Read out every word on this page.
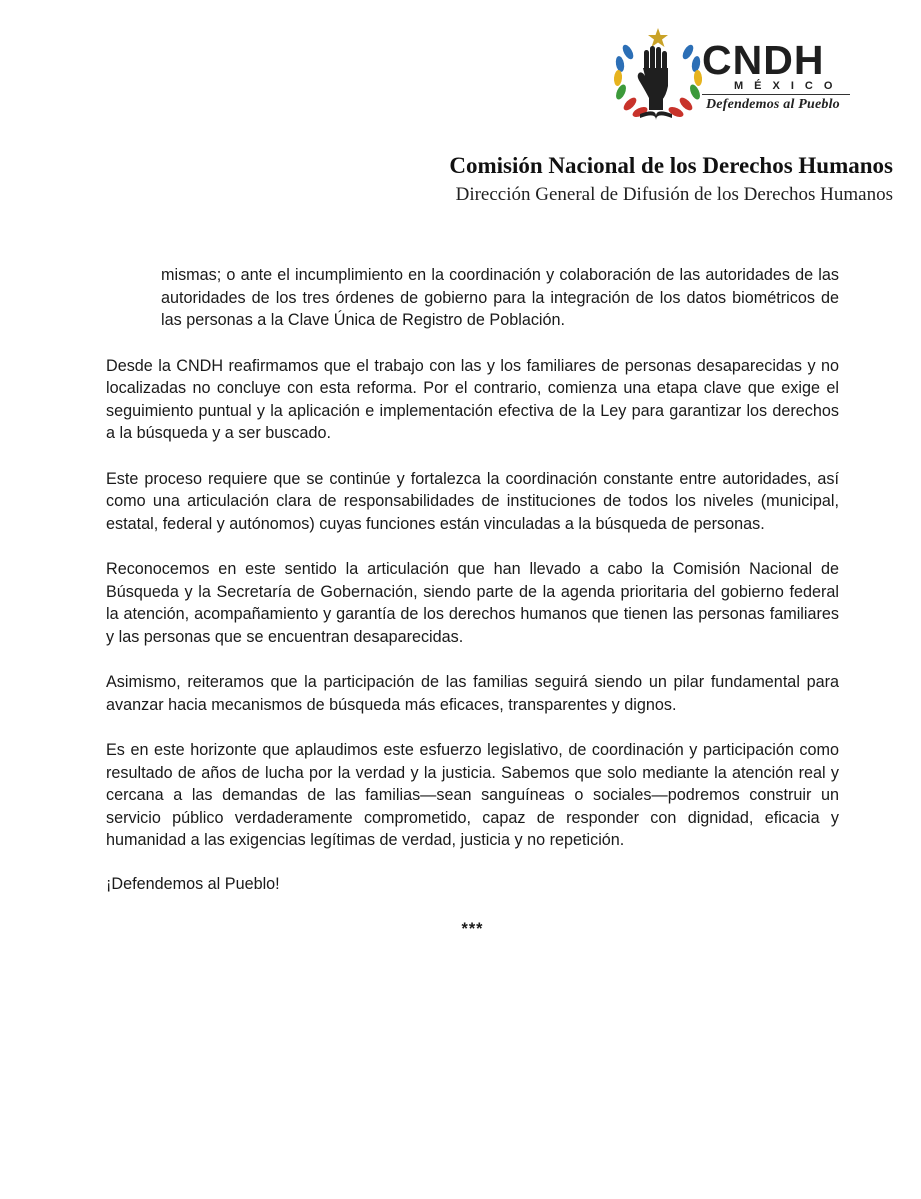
CNDH
MÉXICO
Defendemos al Pueblo
Comisión Nacional de los Derechos Humanos
Dirección General de Difusión de los Derechos Humanos

mismas; o ante el incumplimiento en la coordinación y colaboración de las autoridades de las autoridades de los tres órdenes de gobierno para la integración de los datos biométricos de las personas a la Clave Única de Registro de Población.

Desde la CNDH reafirmamos que el trabajo con las y los familiares de personas desaparecidas y no localizadas no concluye con esta reforma. Por el contrario, comienza una etapa clave que exige el seguimiento puntual y la aplicación e implementación efectiva de la Ley para garantizar los derechos a la búsqueda y a ser buscado.

Este proceso requiere que se continúe y fortalezca la coordinación constante entre autoridades, así como una articulación clara de responsabilidades de instituciones de todos los niveles (municipal, estatal, federal y autónomos) cuyas funciones están vinculadas a la búsqueda de personas.

Reconocemos en este sentido la articulación que han llevado a cabo la Comisión Nacional de Búsqueda y la Secretaría de Gobernación, siendo parte de la agenda prioritaria del gobierno federal la atención, acompañamiento y garantía de los derechos humanos que tienen las personas familiares y las personas que se encuentran desaparecidas.

Asimismo, reiteramos que la participación de las familias seguirá siendo un pilar fundamental para avanzar hacia mecanismos de búsqueda más eficaces, transparentes y dignos.

Es en este horizonte que aplaudimos este esfuerzo legislativo, de coordinación y participación como resultado de años de lucha por la verdad y la justicia. Sabemos que solo mediante la atención real y cercana a las demandas de las familias—sean sanguíneas o sociales—podremos construir un servicio público verdaderamente comprometido, capaz de responder con dignidad, eficacia y humanidad a las exigencias legítimas de verdad, justicia y no repetición.

¡Defendemos al Pueblo!

***
